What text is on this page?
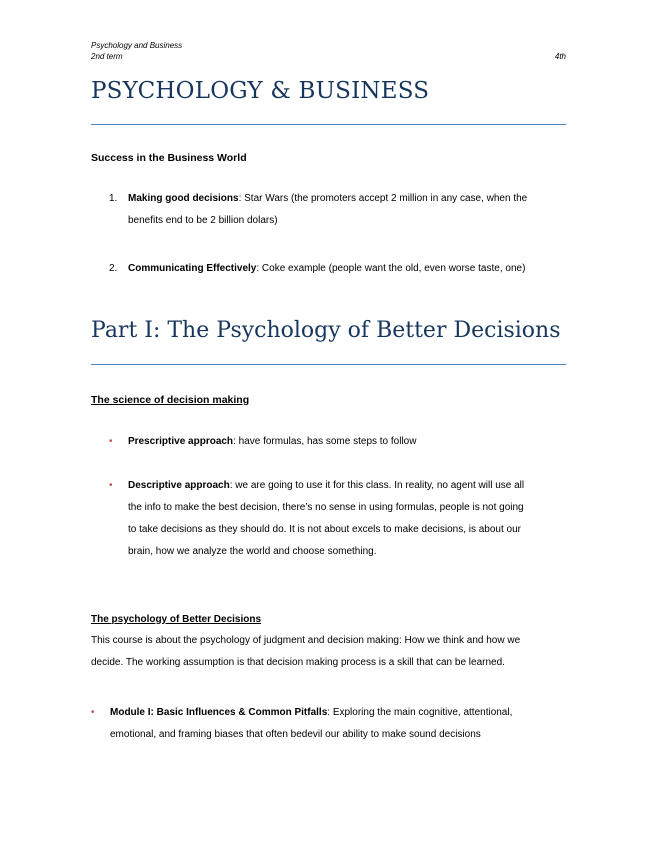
Psychology and Business
2nd term	4th
PSYCHOLOGY & BUSINESS
Success in the Business World
1. Making good decisions: Star Wars (the promoters accept 2 million in any case, when the

benefits end to be 2 billion dolars)

2. Communicating Effectively: Coke example (people want the old, even worse taste, one)

Part I: The Psychology of Better Decisions
The science of decision making
• Prescriptive approach: have formulas, has some steps to follow

• Descriptive approach: we are going to use it for this class. In reality, no agent will use all

the info to make the best decision, there’s no sense in using formulas, people is not going

to take decisions as they should do. It is not about excels to make decisions, is about our

brain, how we analyze the world and choose something.

The psychology of Better Decisions

This course is about the psychology of judgment and decision making: How we think and how we

decide. The working assumption is that decision making process is a skill that can be learned.

• Module I: Basic Influences & Common Pitfalls: Exploring the main cognitive, attentional,

emotional, and framing biases that often bedevil our ability to make sound decisions
